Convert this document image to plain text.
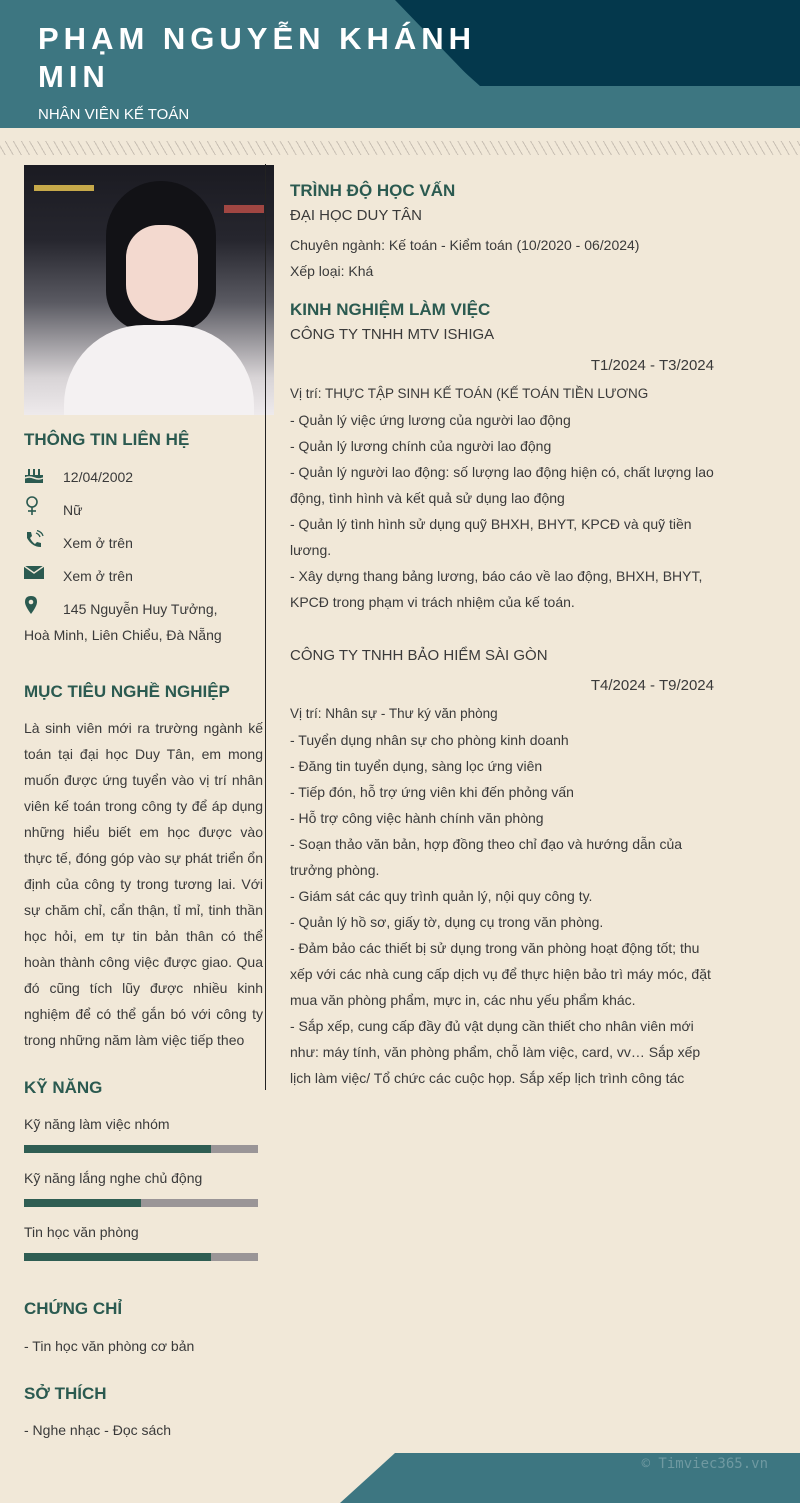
PHẠM NGUYỄN KHÁNH MIN
NHÂN VIÊN KẾ TOÁN
THÔNG TIN LIÊN HỆ
12/04/2002
Nữ
Xem ở trên
Xem ở trên
145 Nguyễn Huy Tưởng,
Hoà Minh, Liên Chiểu, Đà Nẵng
MỤC TIÊU NGHỀ NGHIỆP

Là sinh viên mới ra trường ngành kế toán tại đại học Duy Tân, em mong muốn được ứng tuyển vào vị trí nhân viên kế toán trong công ty để áp dụng những hiểu biết em học được vào thực tế, đóng góp vào sự phát triển ổn định của công ty trong tương lai. Với sự chăm chỉ, cẩn thận, tỉ mỉ, tinh thần học hỏi, em tự tin bản thân có thể hoàn thành công việc được giao. Qua đó cũng tích lũy được nhiều kinh nghiệm để có thể gắn bó với công ty trong những năm làm việc tiếp theo

KỸ NĂNG
Kỹ năng làm việc nhóm
Kỹ năng lắng nghe chủ động
Tin học văn phòng
CHỨNG CHỈ
- Tin học văn phòng cơ bản
SỞ THÍCH
- Nghe nhạc - Đọc sách
TRÌNH ĐỘ HỌC VẤN
ĐẠI HỌC DUY TÂN
Chuyên ngành: Kế toán - Kiểm toán (10/2020 - 06/2024)
Xếp loại: Khá
KINH NGHIỆM LÀM VIỆC
CÔNG TY TNHH MTV ISHIGA
T1/2024 - T3/2024
Vị trí: THỰC TẬP SINH KẾ TOÁN (KẾ TOÁN TIỀN LƯƠNG
- Quản lý việc ứng lương của người lao động
- Quản lý lương chính của người lao động
- Quản lý người lao động: số lượng lao động hiện có, chất lượng lao động, tình hình và kết quả sử dụng lao động
- Quản lý tình hình sử dụng quỹ BHXH, BHYT, KPCĐ và quỹ tiền lương.
- Xây dựng thang bảng lương, báo cáo về lao động, BHXH, BHYT, KPCĐ trong phạm vi trách nhiệm của kế toán.
CÔNG TY TNHH BẢO HIỂM SÀI GÒN
T4/2024 - T9/2024
Vị trí: Nhân sự - Thư ký văn phòng
- Tuyển dụng nhân sự cho phòng kinh doanh
- Đăng tin tuyển dụng, sàng lọc ứng viên
- Tiếp đón, hỗ trợ ứng viên khi đến phỏng vấn
- Hỗ trợ công việc hành chính văn phòng
- Soạn thảo văn bản, hợp đồng theo chỉ đạo và hướng dẫn của trưởng phòng.
- Giám sát các quy trình quản lý, nội quy công ty.
- Quản lý hồ sơ, giấy tờ, dụng cụ trong văn phòng.
- Đảm bảo các thiết bị sử dụng trong văn phòng hoạt động tốt; thu xếp với các nhà cung cấp dịch vụ để thực hiện bảo trì máy móc, đặt mua văn phòng phẩm, mực in, các nhu yếu phẩm khác.
- Sắp xếp, cung cấp đầy đủ vật dụng cần thiết cho nhân viên mới như: máy tính, văn phòng phẩm, chỗ làm việc, card, vv… Sắp xếp lịch làm việc/ Tổ chức các cuộc họp. Sắp xếp lịch trình công tác
© Timviec365.vn
